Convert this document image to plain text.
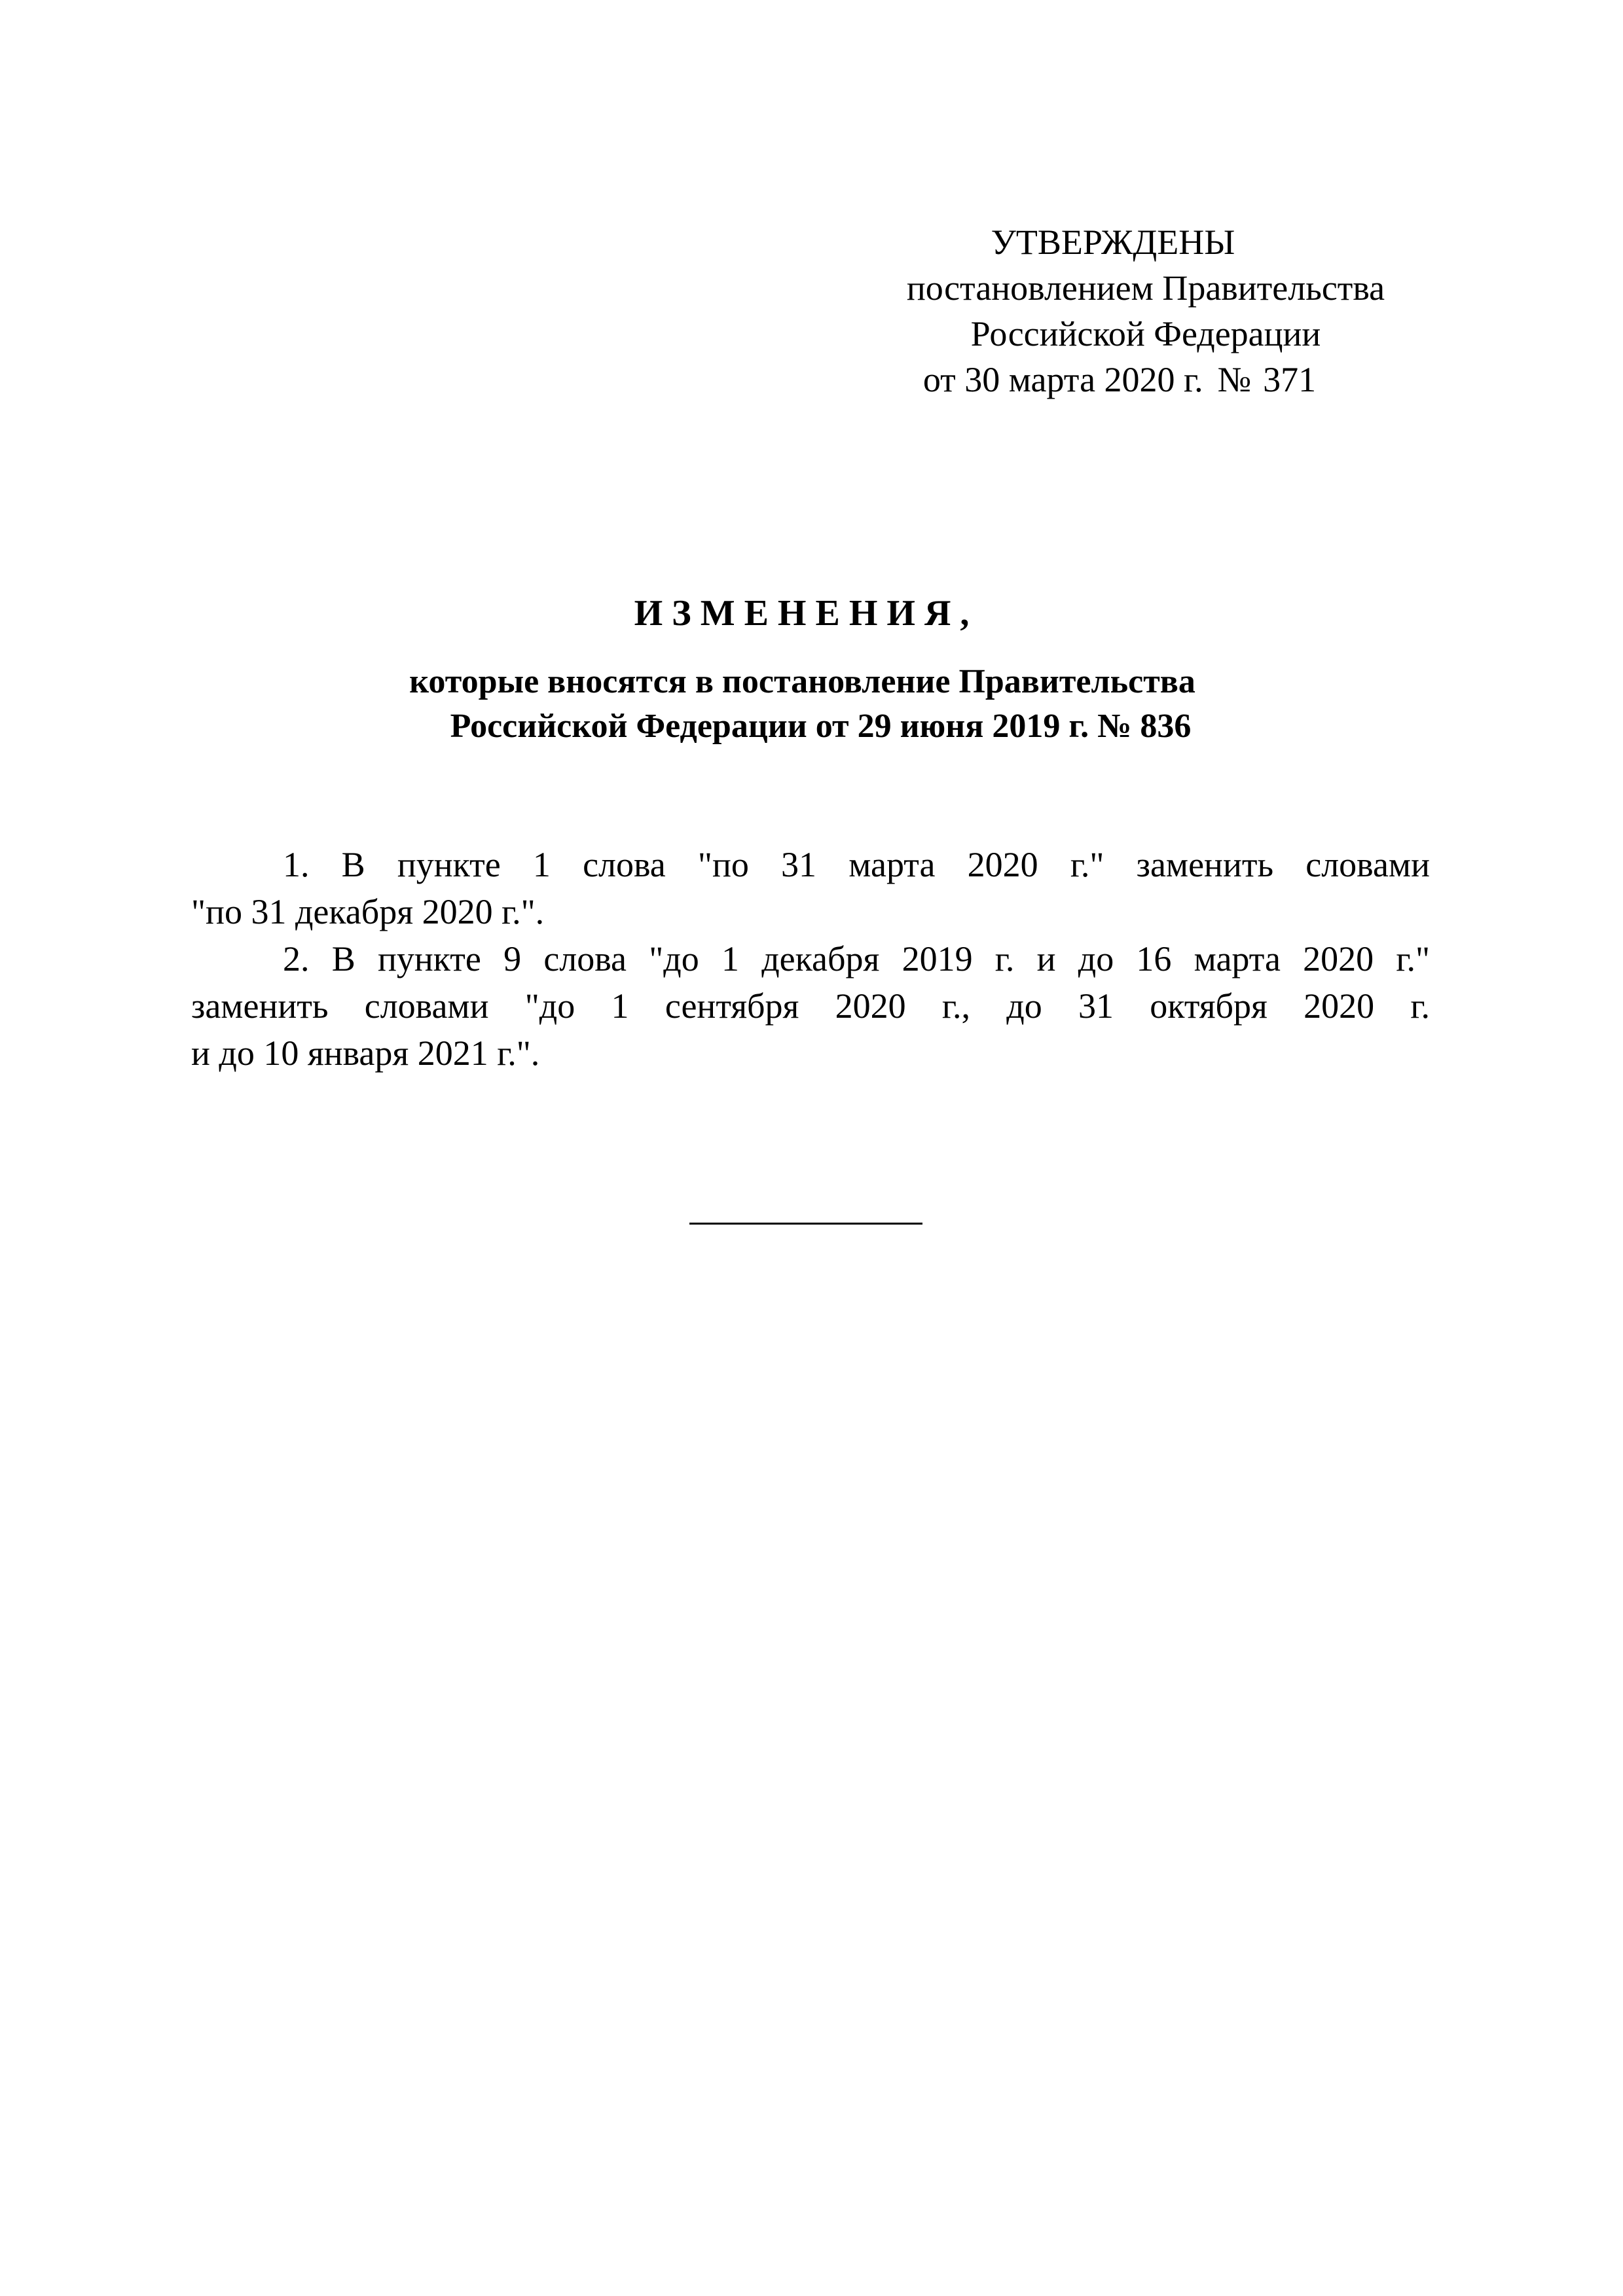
УТВЕРЖДЕНЫ
постановлением Правительства
Российской Федерации
от 30 марта 2020 г. № 371
ИЗМЕНЕНИЯ,
которые вносятся в постановление Правительства
Российской Федерации от 29 июня 2019 г. № 836
1. В пункте 1 слова "по 31 марта 2020 г." заменить словами
"по 31 декабря 2020 г.".
2. В пункте 9 слова "до 1 декабря 2019 г. и до 16 марта 2020 г."
заменить словами "до 1 сентября 2020 г., до 31 октября 2020 г.
и до 10 января 2021 г.".
